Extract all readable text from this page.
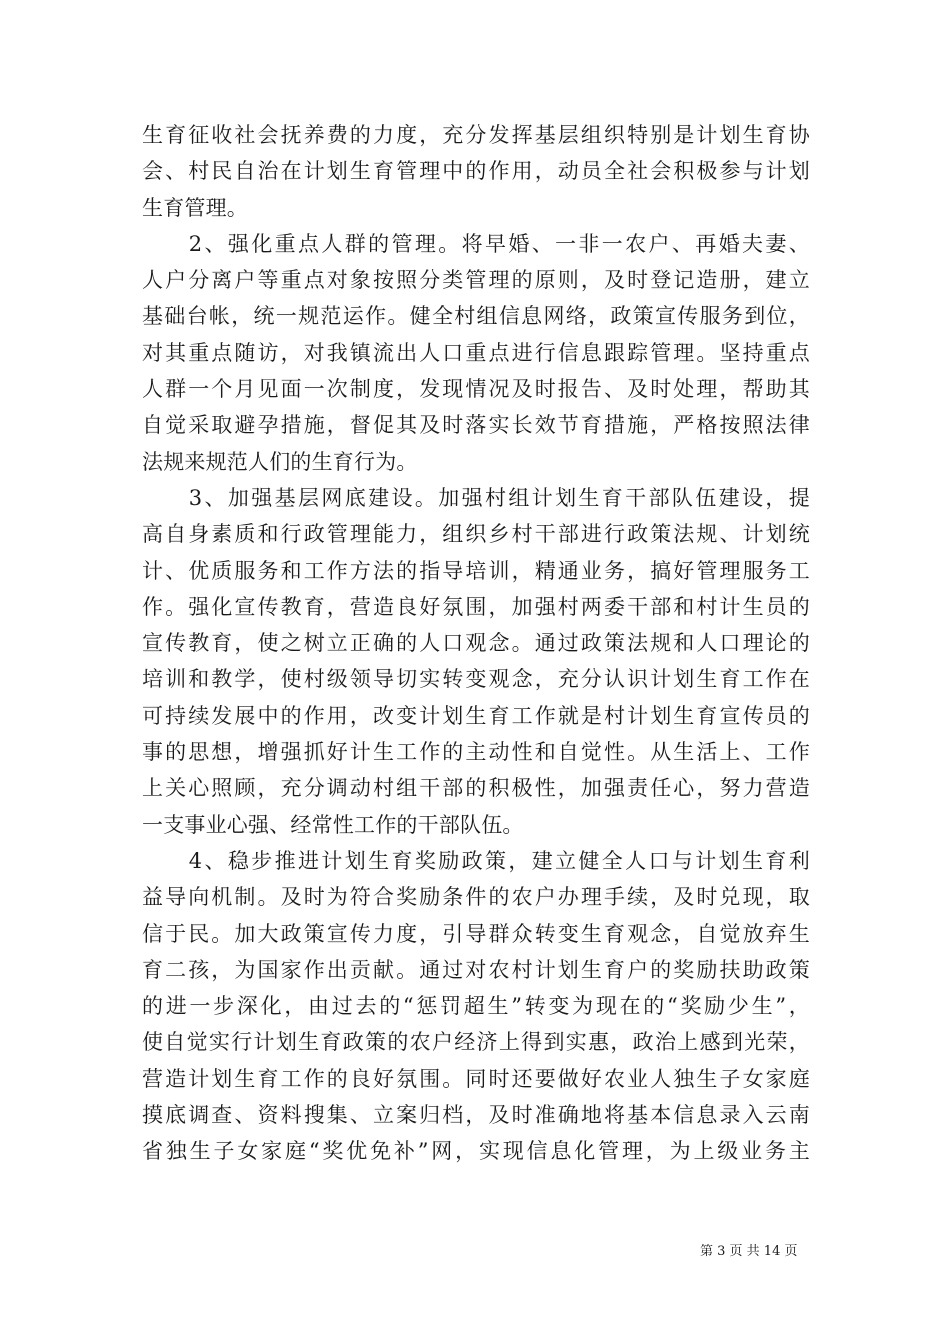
生育征收社会抚养费的力度，充分发挥基层组织特别是计划生育协
会、村民自治在计划生育管理中的作用，动员全社会积极参与计划
生育管理。
　　2、强化重点人群的管理。将早婚、一非一农户、再婚夫妻、
人户分离户等重点对象按照分类管理的原则，及时登记造册，建立
基础台帐，统一规范运作。健全村组信息网络，政策宣传服务到位，
对其重点随访，对我镇流出人口重点进行信息跟踪管理。坚持重点
人群一个月见面一次制度，发现情况及时报告、及时处理，帮助其
自觉采取避孕措施，督促其及时落实长效节育措施，严格按照法律
法规来规范人们的生育行为。
　　3、加强基层网底建设。加强村组计划生育干部队伍建设，提
高自身素质和行政管理能力，组织乡村干部进行政策法规、计划统
计、优质服务和工作方法的指导培训，精通业务，搞好管理服务工
作。强化宣传教育，营造良好氛围，加强村两委干部和村计生员的
宣传教育，使之树立正确的人口观念。通过政策法规和人口理论的
培训和教学，使村级领导切实转变观念，充分认识计划生育工作在
可持续发展中的作用，改变计划生育工作就是村计划生育宣传员的
事的思想，增强抓好计生工作的主动性和自觉性。从生活上、工作
上关心照顾，充分调动村组干部的积极性，加强责任心，努力营造
一支事业心强、经常性工作的干部队伍。
　　4、稳步推进计划生育奖励政策，建立健全人口与计划生育利
益导向机制。及时为符合奖励条件的农户办理手续，及时兑现，取
信于民。加大政策宣传力度，引导群众转变生育观念，自觉放弃生
育二孩，为国家作出贡献。通过对农村计划生育户的奖励扶助政策
的进一步深化，由过去的“惩罚超生”转变为现在的“奖励少生”，
使自觉实行计划生育政策的农户经济上得到实惠，政治上感到光荣，
营造计划生育工作的良好氛围。同时还要做好农业人独生子女家庭
摸底调查、资料搜集、立案归档，及时准确地将基本信息录入云南
省独生子女家庭“奖优免补”网，实现信息化管理，为上级业务主
第 3 页 共 14 页
